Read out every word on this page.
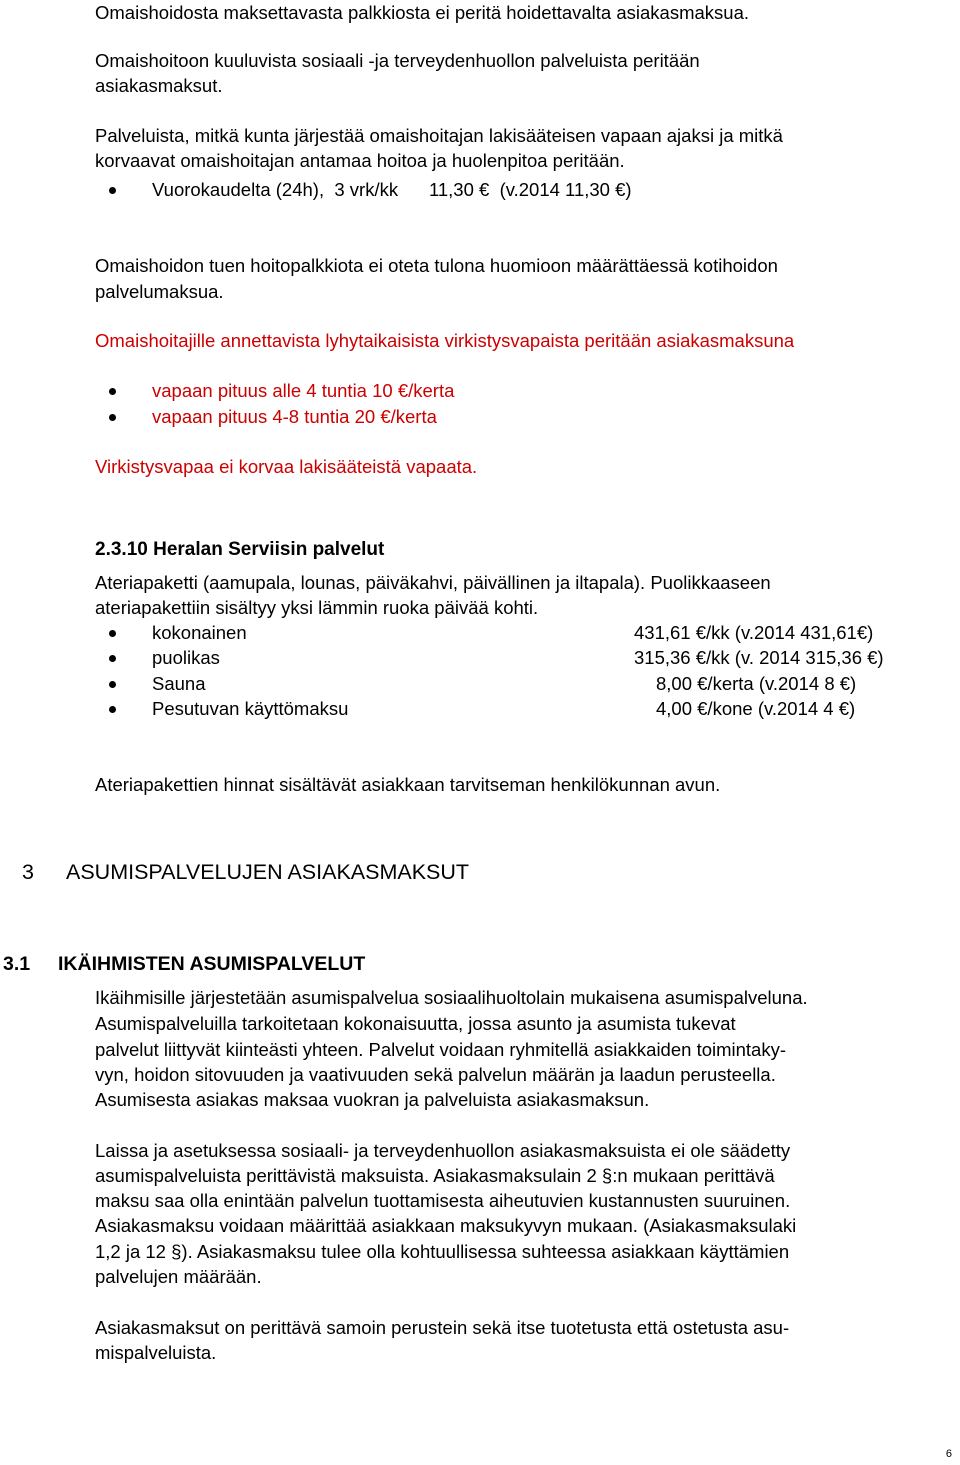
Omaishoidosta maksettavasta palkkiosta ei peritä hoidettavalta asiakasmaksua.
Omaishoitoon kuuluvista sosiaali -ja terveydenhuollon palveluista peritään
asiakasmaksut.
Palveluista, mitkä kunta järjestää omaishoitajan lakisääteisen vapaan ajaksi ja mitkä
korvaavat omaishoitajan antamaa hoitoa ja huolenpitoa peritään.
Vuorokaudelta (24h),  3 vrk/kk      11,30 €  (v.2014 11,30 €)
Omaishoidon tuen hoitopalkkiota ei oteta tulona huomioon määrättäessä kotihoidon
palvelumaksua.
Omaishoitajille annettavista lyhytaikaisista virkistysvapaista peritään asiakasmaksuna
vapaan pituus alle 4 tuntia 10 €/kerta
vapaan pituus 4-8 tuntia 20 €/kerta
Virkistysvapaa ei korvaa lakisääteistä vapaata.
2.3.10 Heralan Serviisin palvelut
Ateriapaketti (aamupala, lounas, päiväkahvi, päivällinen ja iltapala). Puolikkaaseen
ateriapakettiin sisältyy yksi lämmin ruoka päivää kohti.
kokonainen	431,61 €/kk (v.2014 431,61€)
puolikas	315,36 €/kk (v. 2014 315,36 €)
Sauna	8,00 €/kerta (v.2014 8 €)
Pesutuvan käyttömaksu	4,00 €/kone (v.2014 4 €)
Ateriapakettien hinnat sisältävät asiakkaan tarvitseman henkilökunnan avun.
3 ASUMISPALVELUJEN ASIAKASMAKSUT
3.1 IKÄIHMISTEN ASUMISPALVELUT
Ikäihmisille järjestetään asumispalvelua sosiaalihuoltolain mukaisena asumispalveluna.
Asumispalveluilla tarkoitetaan kokonaisuutta, jossa asunto ja asumista tukevat
palvelut liittyvät kiinteästi yhteen. Palvelut voidaan ryhmitellä asiakkaiden toimintaky-
vyn, hoidon sitovuuden ja vaativuuden sekä palvelun määrän ja laadun perusteella.
Asumisesta asiakas maksaa vuokran ja palveluista asiakasmaksun.
Laissa ja asetuksessa sosiaali- ja terveydenhuollon asiakasmaksuista ei ole säädetty
asumispalveluista perittävistä maksuista. Asiakasmaksulain 2 §:n mukaan perittävä
maksu saa olla enintään palvelun tuottamisesta aiheutuvien kustannusten suuruinen.
Asiakasmaksu voidaan määrittää asiakkaan maksukyvyn mukaan. (Asiakasmaksulaki
1,2 ja 12 §). Asiakasmaksu tulee olla kohtuullisessa suhteessa asiakkaan käyttämien
palvelujen määrään.
Asiakasmaksut on perittävä samoin perustein sekä itse tuotetusta että ostetusta asu-
mispalveluista.
6
